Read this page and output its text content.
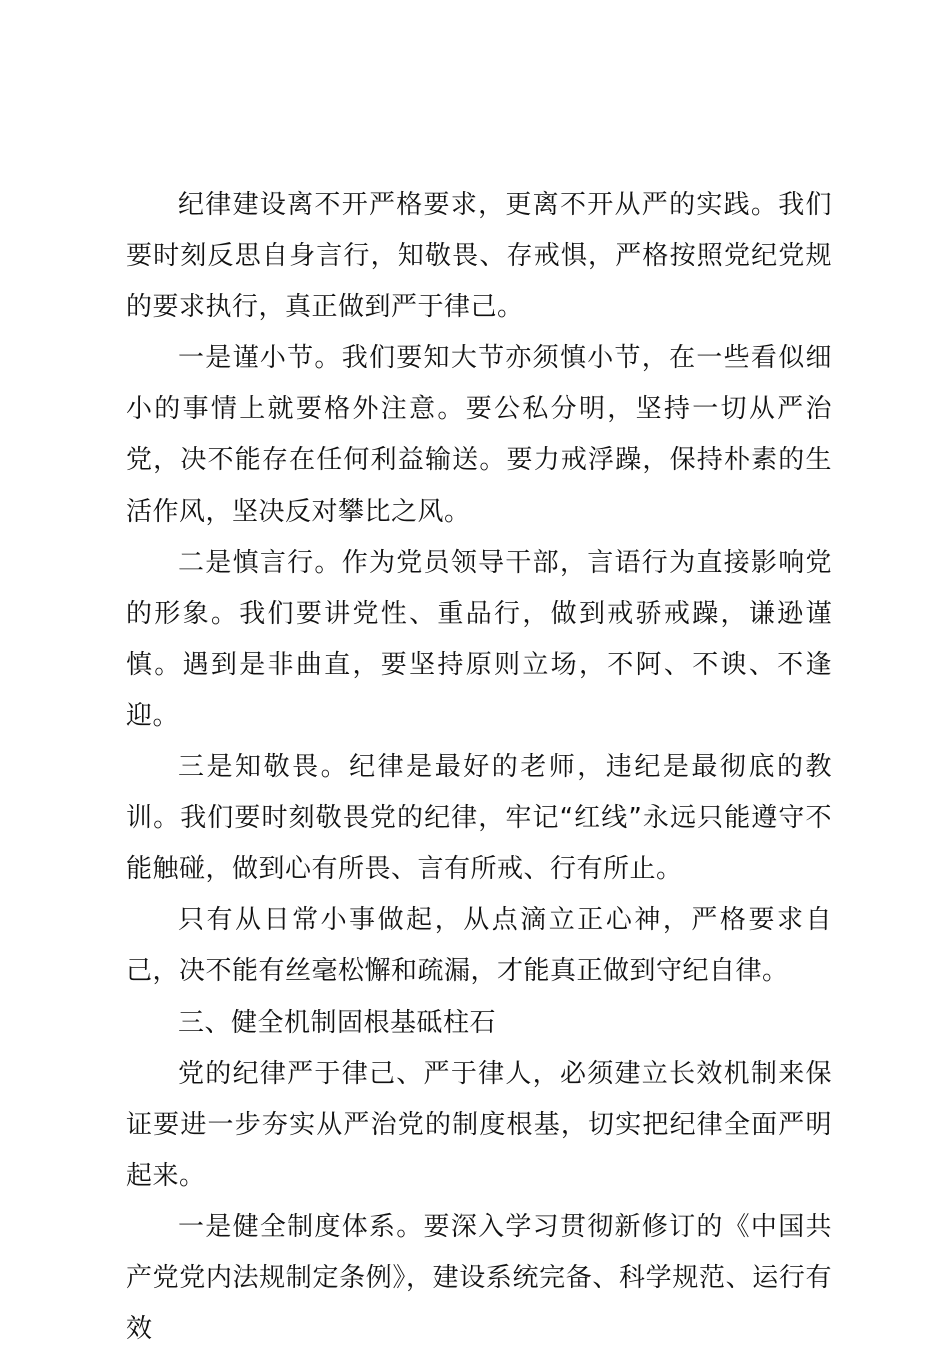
纪律建设离不开严格要求，更离不开从严的实践。我们要时刻反思自身言行，知敬畏、存戒惧，严格按照党纪党规的要求执行，真正做到严于律己。

一是谨小节。我们要知大节亦须慎小节，在一些看似细小的事情上就要格外注意。要公私分明，坚持一切从严治党，决不能存在任何利益输送。要力戒浮躁，保持朴素的生活作风，坚决反对攀比之风。

二是慎言行。作为党员领导干部，言语行为直接影响党的形象。我们要讲党性、重品行，做到戒骄戒躁，谦逊谨慎。遇到是非曲直，要坚持原则立场，不阿、不谀、不逢迎。

三是知敬畏。纪律是最好的老师，违纪是最彻底的教训。我们要时刻敬畏党的纪律，牢记“红线”永远只能遵守不能触碰，做到心有所畏、言有所戒、行有所止。

只有从日常小事做起，从点滴立正心神，严格要求自己，决不能有丝毫松懈和疏漏，才能真正做到守纪自律。

三、健全机制固根基砥柱石

党的纪律严于律己、严于律人，必须建立长效机制来保证要进一步夯实从严治党的制度根基，切实把纪律全面严明起来。

一是健全制度体系。要深入学习贯彻新修订的《中国共产党党内法规制定条例》，建设系统完备、科学规范、运行有效
